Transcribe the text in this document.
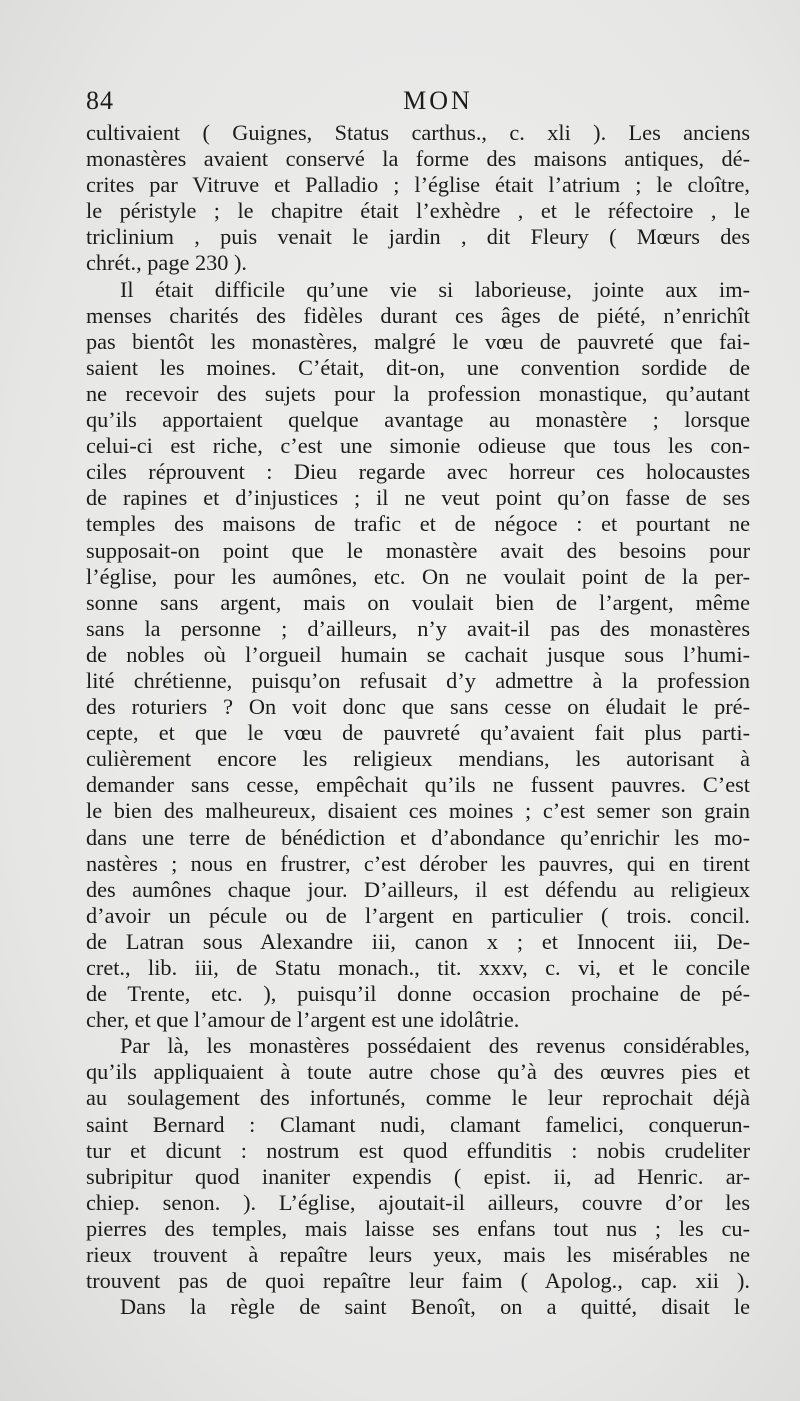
84	MON
cultivaient ( Guignes, Status carthus., c. xli ). Les anciens
monastères avaient conservé la forme des maisons antiques, dé-
crites par Vitruve et Palladio ; l’église était l’atrium ; le cloître,
le péristyle ; le chapitre était l’exhèdre , et le réfectoire , le
triclinium , puis venait le jardin , dit Fleury ( Mœurs des
chrét., page 230 ).
Il était difficile qu’une vie si laborieuse, jointe aux im-
menses charités des fidèles durant ces âges de piété, n’enrichît
pas bientôt les monastères, malgré le vœu de pauvreté que fai-
saient les moines. C’était, dit-on, une convention sordide de
ne recevoir des sujets pour la profession monastique, qu’autant
qu’ils apportaient quelque avantage au monastère ; lorsque
celui-ci est riche, c’est une simonie odieuse que tous les con-
ciles réprouvent : Dieu regarde avec horreur ces holocaustes
de rapines et d’injustices ; il ne veut point qu’on fasse de ses
temples des maisons de trafic et de négoce : et pourtant ne
supposait-on point que le monastère avait des besoins pour
l’église, pour les aumônes, etc. On ne voulait point de la per-
sonne sans argent, mais on voulait bien de l’argent, même
sans la personne ; d’ailleurs, n’y avait-il pas des monastères
de nobles où l’orgueil humain se cachait jusque sous l’humi-
lité chrétienne, puisqu’on refusait d’y admettre à la profession
des roturiers ? On voit donc que sans cesse on éludait le pré-
cepte, et que le vœu de pauvreté qu’avaient fait plus parti-
culièrement encore les religieux mendians, les autorisant à
demander sans cesse, empêchait qu’ils ne fussent pauvres. C’est
le bien des malheureux, disaient ces moines ; c’est semer son grain
dans une terre de bénédiction et d’abondance qu’enrichir les mo-
nastères ; nous en frustrer, c’est dérober les pauvres, qui en tirent
des aumônes chaque jour. D’ailleurs, il est défendu au religieux
d’avoir un pécule ou de l’argent en particulier ( trois. concil.
de Latran sous Alexandre iii, canon x ; et Innocent iii, De-
cret., lib. iii, de Statu monach., tit. xxxv, c. vi, et le concile
de Trente, etc. ), puisqu’il donne occasion prochaine de pé-
cher, et que l’amour de l’argent est une idolâtrie.
Par là, les monastères possédaient des revenus considérables,
qu’ils appliquaient à toute autre chose qu’à des œuvres pies et
au soulagement des infortunés, comme le leur reprochait déjà
saint Bernard : Clamant nudi, clamant famelici, conquerun-
tur et dicunt : nostrum est quod effunditis : nobis crudeliter
subripitur quod inaniter expendis ( epist. ii, ad Henric. ar-
chiep. senon. ). L’église, ajoutait-il ailleurs, couvre d’or les
pierres des temples, mais laisse ses enfans tout nus ; les cu-
rieux trouvent à repaître leurs yeux, mais les misérables ne
trouvent pas de quoi repaître leur faim ( Apolog., cap. xii ).
Dans la règle de saint Benoît, on a quitté, disait le
